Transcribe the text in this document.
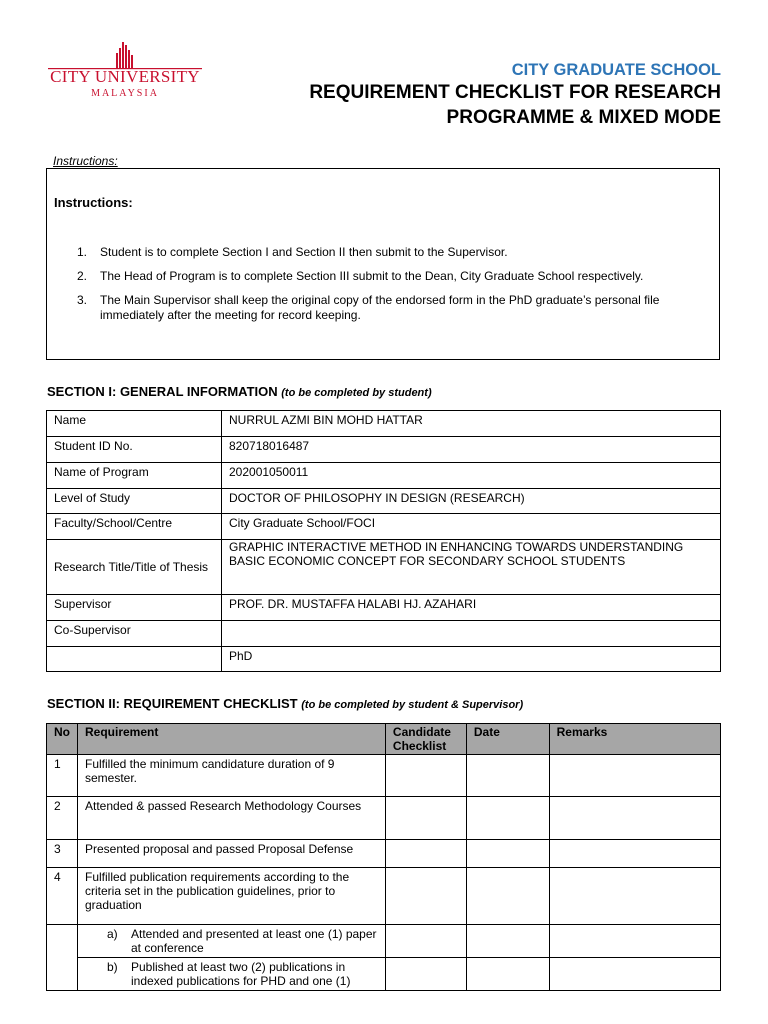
CITY UNIVERSITY
MALAYSIA
CITY GRADUATE SCHOOL
REQUIREMENT CHECKLIST FOR RESEARCH
PROGRAMME & MIXED MODE
Instructions:
Instructions:
1.	Student is to complete Section I and Section II then submit to the Supervisor.
2.	The Head of Program is to complete Section III submit to the Dean, City Graduate School respectively.
3.	The Main Supervisor shall keep the original copy of the endorsed form in the PhD graduate’s personal file immediately after the meeting for record keeping.
SECTION I: GENERAL INFORMATION (to be completed by student)
Name	NURRUL AZMI BIN MOHD HATTAR
Student ID No.	820718016487
Name of Program	202001050011
Level of Study	DOCTOR OF PHILOSOPHY IN DESIGN (RESEARCH)
Faculty/School/Centre	City Graduate School/FOCI
Research Title/Title of Thesis	GRAPHIC INTERACTIVE METHOD IN ENHANCING TOWARDS UNDERSTANDING BASIC ECONOMIC CONCEPT FOR SECONDARY SCHOOL STUDENTS
Supervisor	PROF. DR. MUSTAFFA HALABI HJ. AZAHARI
Co-Supervisor	
	PhD
SECTION II: REQUIREMENT CHECKLIST (to be completed by student & Supervisor)
No	Requirement	Candidate Checklist	Date	Remarks
1	Fulfilled the minimum candidature duration of 9 semester.			
2	Attended & passed Research Methodology Courses			
3	Presented proposal and passed Proposal Defense			
4	Fulfilled publication requirements according to the criteria set in the publication guidelines, prior to graduation			

	a) Attended and presented at least one (1) paper at conference			

	b) Published at least two (2) publications in indexed publications for PHD and one (1)			
